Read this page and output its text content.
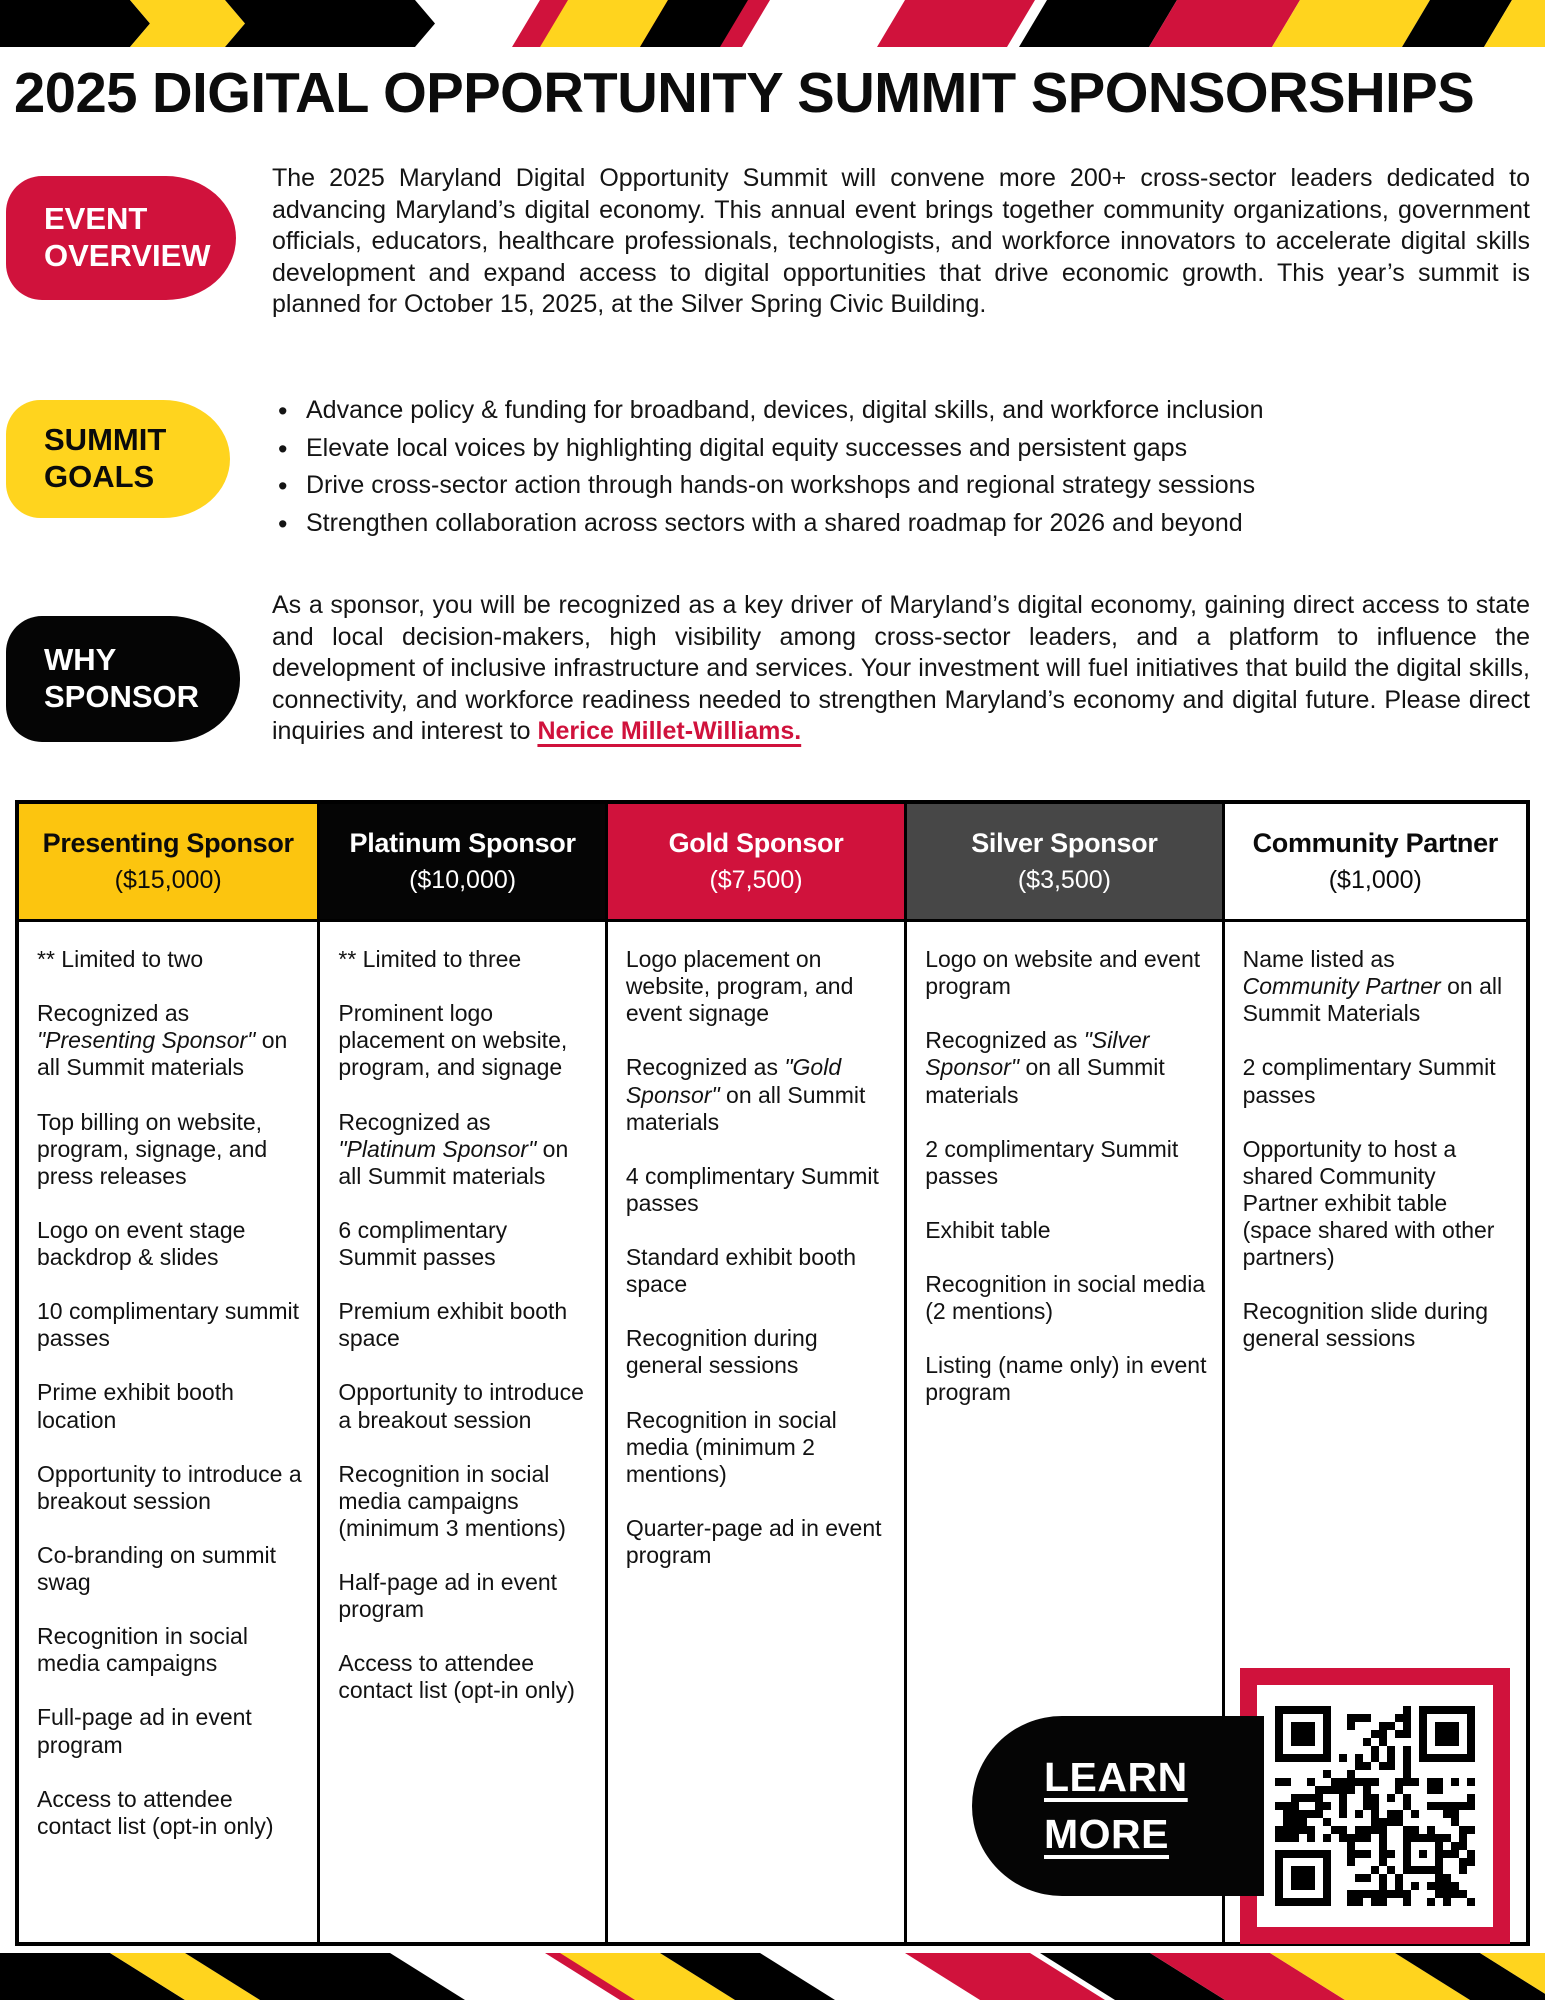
2025 DIGITAL OPPORTUNITY SUMMIT SPONSORSHIPS
EVENT
OVERVIEW

The 2025 Maryland Digital Opportunity Summit will convene more 200+ cross-sector leaders dedicated to advancing Maryland’s digital economy. This annual event brings together community organizations, government officials, educators, healthcare professionals, technologists, and workforce innovators to accelerate digital skills development and expand access to digital opportunities that drive economic growth. This year’s summit is planned for October 15, 2025, at the Silver Spring Civic Building.

SUMMIT
GOALS
• Advance policy & funding for broadband, devices, digital skills, and workforce inclusion
• Elevate local voices by highlighting digital equity successes and persistent gaps
• Drive cross-sector action through hands-on workshops and regional strategy sessions
• Strengthen collaboration across sectors with a shared roadmap for 2026 and beyond
WHY
SPONSOR

As a sponsor, you will be recognized as a key driver of Maryland’s digital economy, gaining direct access to state and local decision-makers, high visibility among cross-sector leaders, and a platform to influence the development of inclusive infrastructure and services. Your investment will fuel initiatives that build the digital skills, connectivity, and workforce readiness needed to strengthen Maryland’s economy and digital future. Please direct inquiries and interest to Nerice Millet-Williams.

Presenting Sponsor
($15,000)

** Limited to two

Recognized as "Presenting Sponsor" on all Summit materials

Top billing on website, program, signage, and press releases

Logo on event stage backdrop & slides

10 complimentary summit passes

Prime exhibit booth location

Opportunity to introduce a breakout session

Co-branding on summit swag

Recognition in social media campaigns

Full-page ad in event program

Access to attendee contact list (opt-in only)

Platinum Sponsor
($10,000)

** Limited to three

Prominent logo placement on website, program, and signage

Recognized as "Platinum Sponsor" on all Summit materials

6 complimentary Summit passes

Premium exhibit booth space

Opportunity to introduce a breakout session

Recognition in social media campaigns (minimum 3 mentions)

Half-page ad in event program

Access to attendee contact list (opt-in only)

Gold Sponsor
($7,500)

Logo placement on website, program, and event signage

Recognized as "Gold Sponsor" on all Summit materials

4 complimentary Summit passes

Standard exhibit booth space

Recognition during general sessions

Recognition in social media (minimum 2 mentions)

Quarter-page ad in event program

Silver Sponsor
($3,500)

Logo on website and event program

Recognized as "Silver Sponsor" on all Summit materials

2 complimentary Summit passes

Exhibit table

Recognition in social media (2 mentions)

Listing (name only) in event program

Community Partner
($1,000)

Name listed as Community Partner on all Summit Materials

2 complimentary Summit passes

Opportunity to host a shared Community Partner exhibit table (space shared with other partners)

Recognition slide during general sessions

LEARN
MORE
